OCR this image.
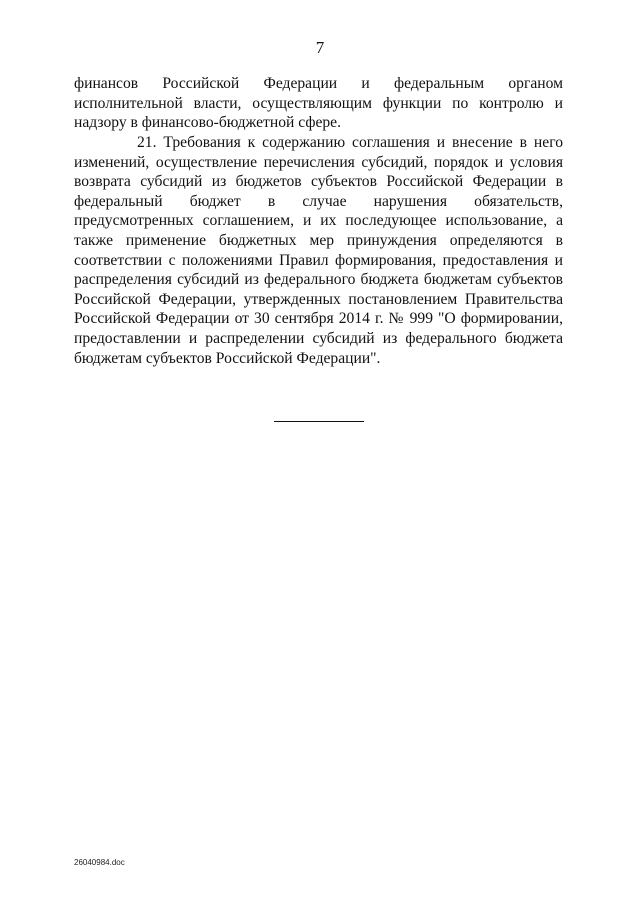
7

финансов Российской Федерации и федеральным органом исполнительной власти, осуществляющим функции по контролю и надзору в финансово-бюджетной сфере.

21. Требования к содержанию соглашения и внесение в него изменений, осуществление перечисления субсидий, порядок и условия возврата субсидий из бюджетов субъектов Российской Федерации в федеральный бюджет в случае нарушения обязательств, предусмотренных соглашением, и их последующее использование, а также применение бюджетных мер принуждения определяются в соответствии с положениями Правил формирования, предоставления и распределения субсидий из федерального бюджета бюджетам субъектов Российской Федерации, утвержденных постановлением Правительства Российской Федерации от 30 сентября 2014 г. № 999 "О формировании, предоставлении и распределении субсидий из федерального бюджета бюджетам субъектов Российской Федерации".

26040984.doc
